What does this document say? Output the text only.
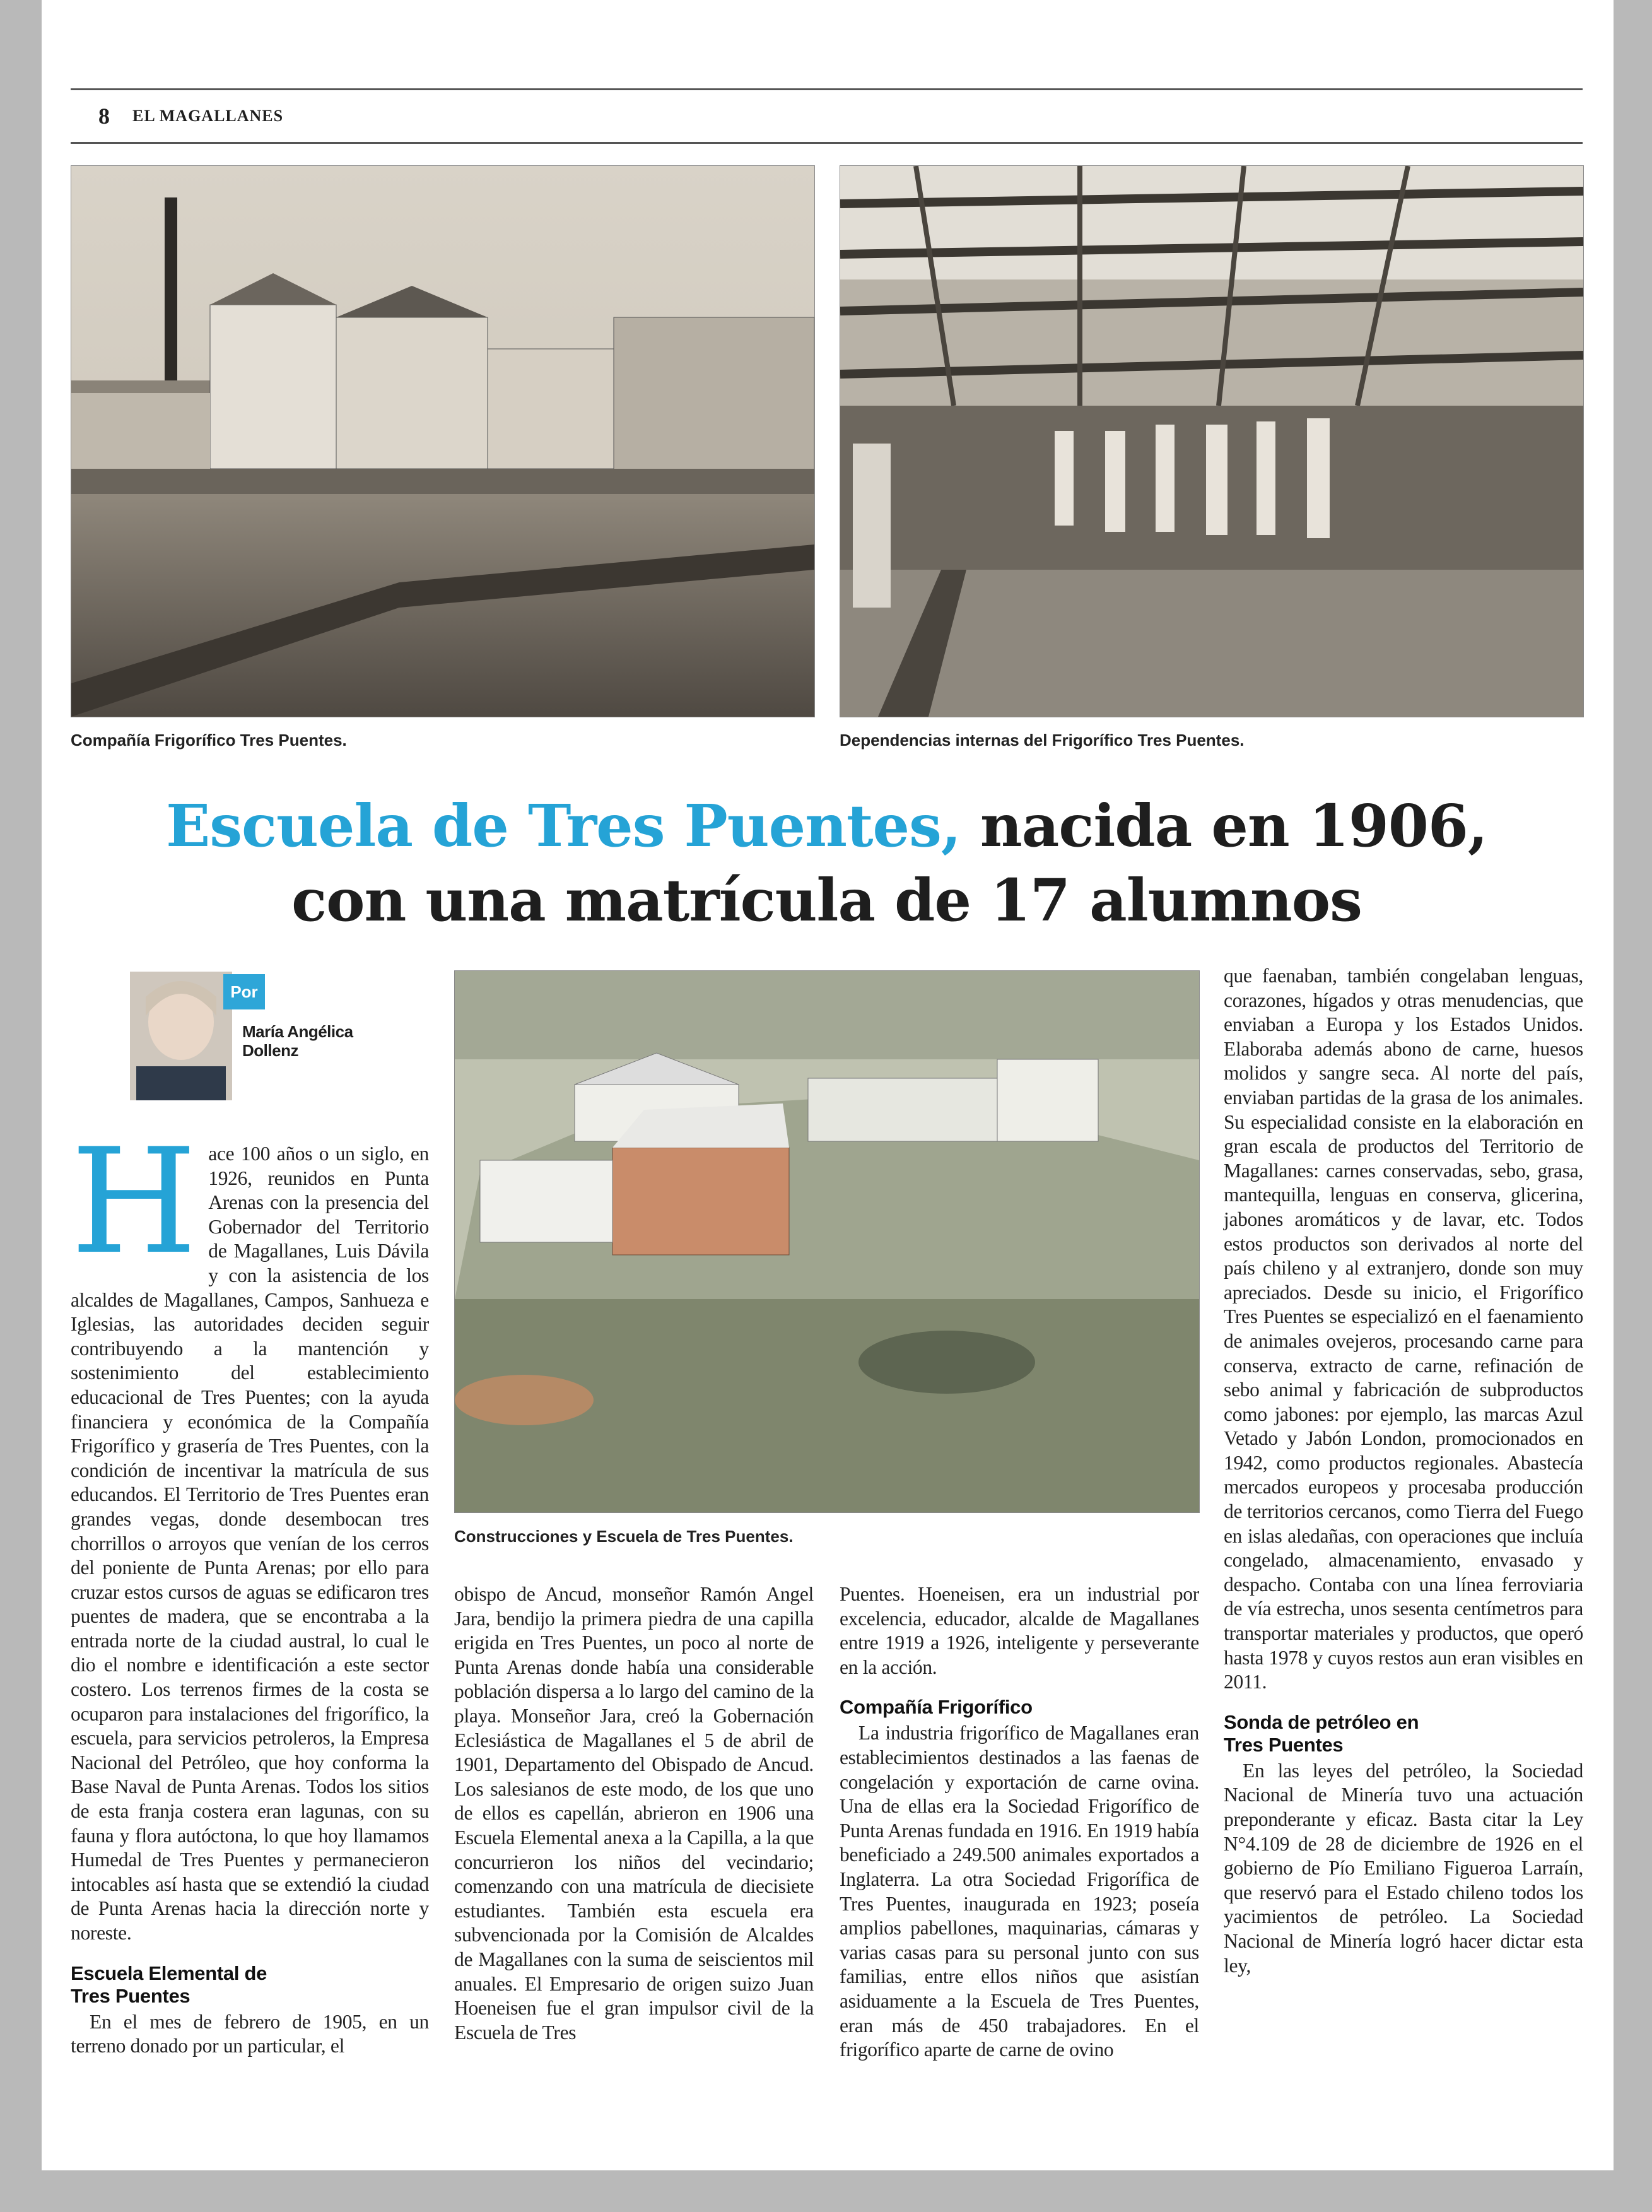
8 EL MAGALLANES
Compañía Frigorífico Tres Puentes.	Dependencias internas del Frigorífico Tres Puentes.
Escuela de Tres Puentes, nacida en 1906,
con una matrícula de 17 alumnos
Por
María Angélica
Dollenz
Construcciones y Escuela de Tres Puentes.
H ace 100 años o un siglo, en 1926, reunidos en Punta Arenas con la presencia del Gobernador del Territorio de Magallanes, Luis Dávila y con la asistencia de los alcaldes de Magallanes, Campos, Sanhueza e Iglesias, las autoridades deciden seguir contribuyendo a la mantención y sostenimiento del establecimiento educacional de Tres Puentes; con la ayuda financiera y económica de la Compañía Frigorífico y grasería de Tres Puentes, con la condición de incentivar la matrícula de sus educandos. El Territorio de Tres Puentes eran grandes vegas, donde desembocan tres chorrillos o arroyos que venían de los cerros del poniente de Punta Arenas; por ello para cruzar estos cursos de aguas se edificaron tres puentes de madera, que se encontraba a la entrada norte de la ciudad austral, lo cual le dio el nombre e identificación a este sector costero. Los terrenos firmes de la costa se ocuparon para instalaciones del frigorífico, la escuela, para servicios petroleros, la Empresa Nacional del Petróleo, que hoy conforma la Base Naval de Punta Arenas. Todos los sitios de esta franja costera eran lagunas, con su fauna y flora autóctona, lo que hoy llamamos Humedal de Tres Puentes y permanecieron intocables así hasta que se extendió la ciudad de Punta Arenas hacia la dirección norte y noreste.

Escuela Elemental de Tres Puentes

En el mes de febrero de 1905, en un terreno donado por un particular, el

obispo de Ancud, monseñor Ramón Angel Jara, bendijo la primera piedra de una capilla erigida en Tres Puentes, un poco al norte de Punta Arenas donde había una considerable población dispersa a lo largo del camino de la playa. Monseñor Jara, creó la Gobernación Eclesiástica de Magallanes el 5 de abril de 1901, Departamento del Obispado de Ancud. Los salesianos de este modo, de los que uno de ellos es capellán, abrieron en 1906 una Escuela Elemental anexa a la Capilla, a la que concurrieron los niños del vecindario; comenzando con una matrícula de diecisiete estudiantes. También esta escuela era subvencionada por la Comisión de Alcaldes de Magallanes con la suma de seiscientos mil anuales. El Empresario de origen suizo Juan Hoeneisen fue el gran impulsor civil de la Escuela de Tres

Puentes. Hoeneisen, era un industrial por excelencia, educador, alcalde de Magallanes entre 1919 a 1926, inteligente y perseverante en la acción.

Compañía Frigorífico

La industria frigorífico de Magallanes eran establecimientos destinados a las faenas de congelación y exportación de carne ovina. Una de ellas era la Sociedad Frigorífico de Punta Arenas fundada en 1916. En 1919 había beneficiado a 249.500 animales exportados a Inglaterra. La otra Sociedad Frigorífica de Tres Puentes, inaugurada en 1923; poseía amplios pabellones, maquinarias, cámaras y varias casas para su personal junto con sus familias, entre ellos niños que asistían asiduamente a la Escuela de Tres Puentes, eran más de 450 trabajadores. En el frigorífico aparte de carne de ovino

que faenaban, también congelaban lenguas, corazones, hígados y otras menudencias, que enviaban a Europa y los Estados Unidos. Elaboraba además abono de carne, huesos molidos y sangre seca. Al norte del país, enviaban partidas de la grasa de los animales. Su especialidad consiste en la elaboración en gran escala de productos del Territorio de Magallanes: carnes conservadas, sebo, grasa, mantequilla, lenguas en conserva, glicerina, jabones aromáticos y de lavar, etc. Todos estos productos son derivados al norte del país chileno y al extranjero, donde son muy apreciados. Desde su inicio, el Frigorífico Tres Puentes se especializó en el faenamiento de animales ovejeros, procesando carne para conserva, extracto de carne, refinación de sebo animal y fabricación de subproductos como jabones: por ejemplo, las marcas Azul Vetado y Jabón London, promocionados en 1942, como productos regionales. Abastecía mercados europeos y procesaba producción de territorios cercanos, como Tierra del Fuego en islas aledañas, con operaciones que incluía congelado, almacenamiento, envasado y despacho. Contaba con una línea ferroviaria de vía estrecha, unos sesenta centímetros para transportar materiales y productos, que operó hasta 1978 y cuyos restos aun eran visibles en 2011.

Sonda de petróleo en Tres Puentes

En las leyes del petróleo, la Sociedad Nacional de Minería tuvo una actuación preponderante y eficaz. Basta citar la Ley N°4.109 de 28 de diciembre de 1926 en el gobierno de Pío Emiliano Figueroa Larraín, que reservó para el Estado chileno todos los yacimientos de petróleo. La Sociedad Nacional de Minería logró hacer dictar esta ley,
